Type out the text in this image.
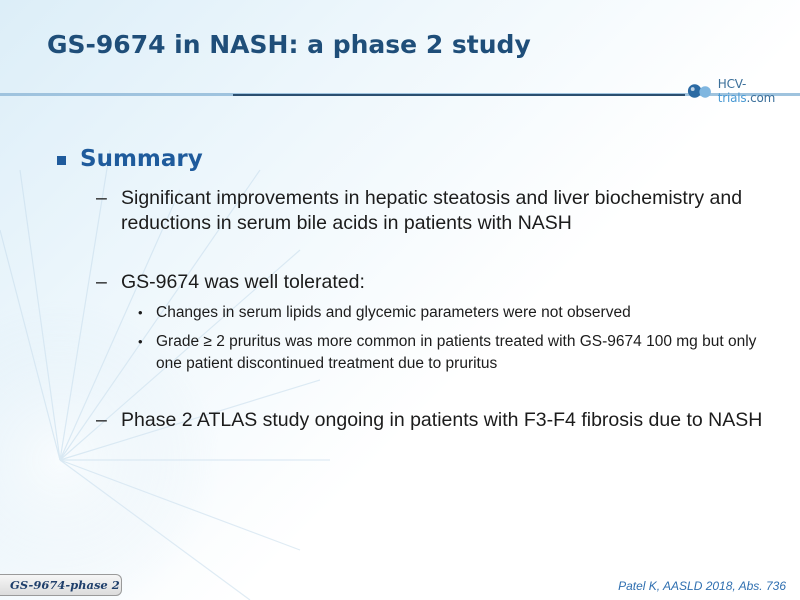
GS-9674 in NASH: a phase 2 study
HCV-trials.com
Summary
– Significant improvements in hepatic steatosis and liver biochemistry and reductions in serum bile acids in patients with NASH
– GS-9674 was well tolerated:
• Changes in serum lipids and glycemic parameters were not observed
• Grade ≥ 2 pruritus was more common in patients treated with GS-9674 100 mg but only one patient discontinued treatment due to pruritus
– Phase 2 ATLAS study ongoing in patients with F3-F4 fibrosis due to NASH
GS-9674-phase 2	Patel K, AASLD 2018, Abs. 736
